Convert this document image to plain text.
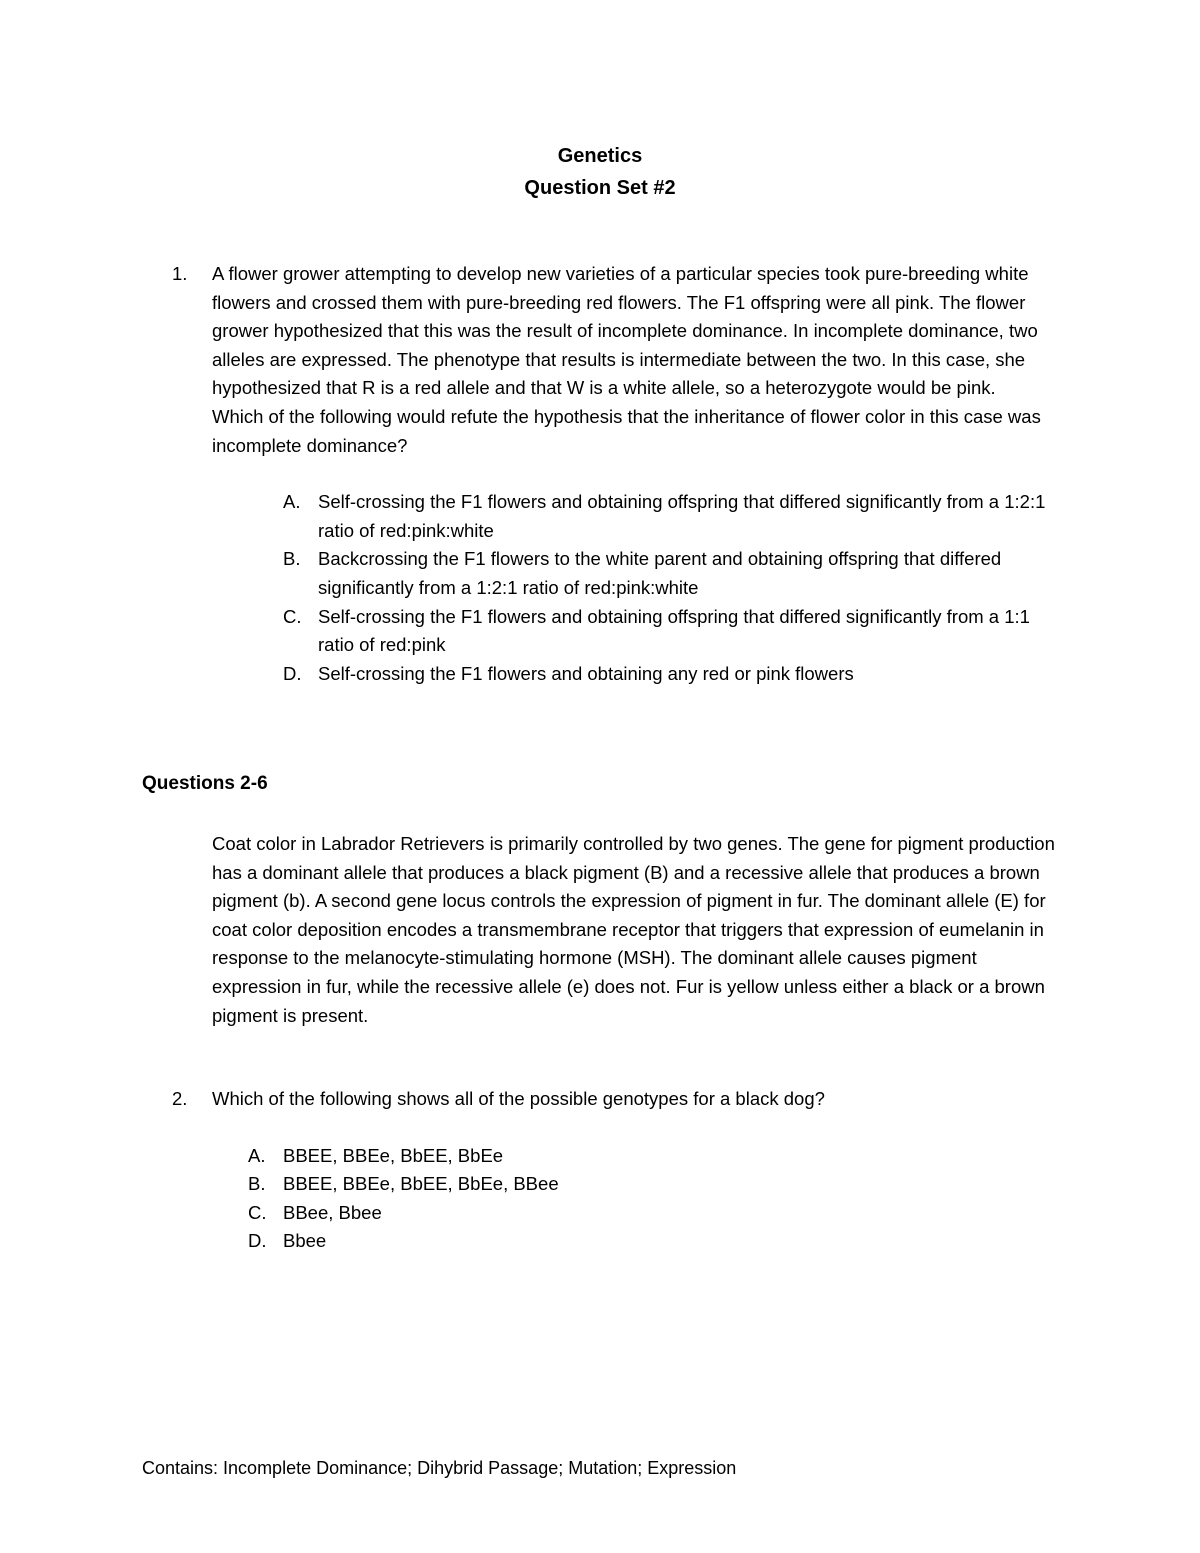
Genetics
Question Set #2
1. A flower grower attempting to develop new varieties of a particular species took pure-breeding white flowers and crossed them with pure-breeding red flowers. The F1 offspring were all pink. The flower grower hypothesized that this was the result of incomplete dominance. In incomplete dominance, two alleles are expressed. The phenotype that results is intermediate between the two. In this case, she hypothesized that R is a red allele and that W is a white allele, so a heterozygote would be pink. Which of the following would refute the hypothesis that the inheritance of flower color in this case was incomplete dominance?
A. Self-crossing the F1 flowers and obtaining offspring that differed significantly from a 1:2:1 ratio of red:pink:white
B. Backcrossing the F1 flowers to the white parent and obtaining offspring that differed significantly from a 1:2:1 ratio of red:pink:white
C. Self-crossing the F1 flowers and obtaining offspring that differed significantly from a 1:1 ratio of red:pink
D. Self-crossing the F1 flowers and obtaining any red or pink flowers
Questions 2-6
Coat color in Labrador Retrievers is primarily controlled by two genes. The gene for pigment production has a dominant allele that produces a black pigment (B) and a recessive allele that produces a brown pigment (b). A second gene locus controls the expression of pigment in fur. The dominant allele (E) for coat color deposition encodes a transmembrane receptor that triggers that expression of eumelanin in response to the melanocyte-stimulating hormone (MSH). The dominant allele causes pigment expression in fur, while the recessive allele (e) does not. Fur is yellow unless either a black or a brown pigment is present.
2. Which of the following shows all of the possible genotypes for a black dog?
A. BBEE, BBEe, BbEE, BbEe
B. BBEE, BBEe, BbEE, BbEe, BBee
C. BBee, Bbee
D. Bbee
Contains: Incomplete Dominance; Dihybrid Passage; Mutation; Expression
